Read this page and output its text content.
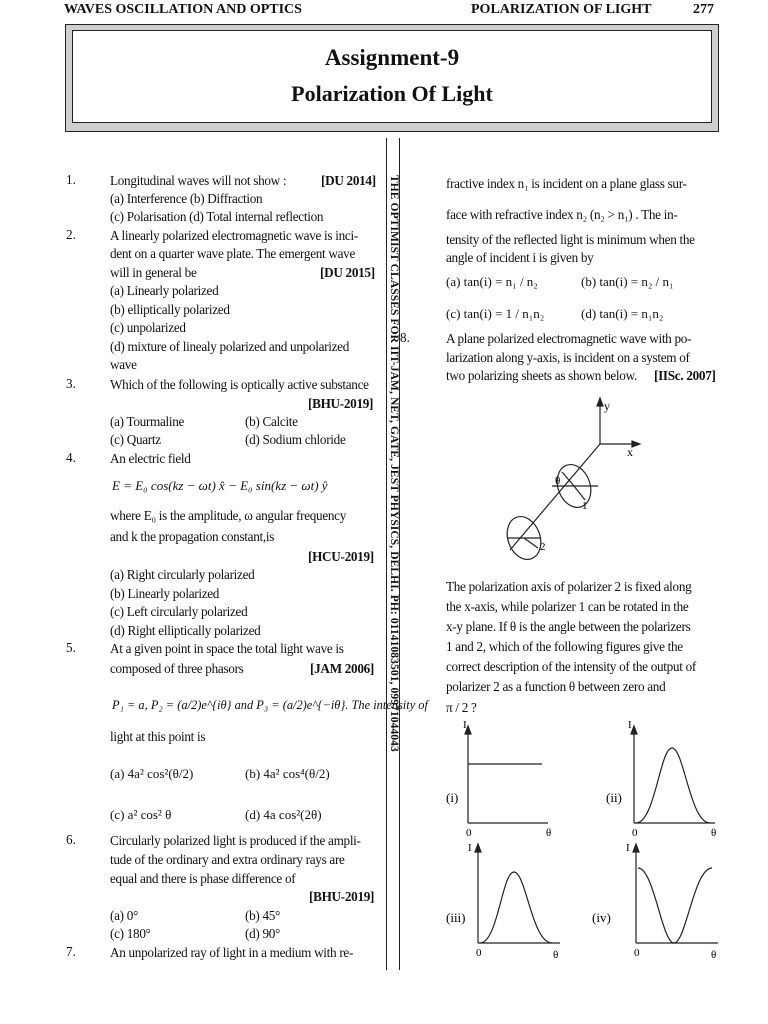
WAVES OSCILLATION AND OPTICS	POLARIZATION OF LIGHT	277
Assignment-9
Polarization Of Light
THE OPTIMIST CLASSES FOR IIT-JAM, NET, GATE, JEST PHYSICS, DELHI. PH: 01141083501, 09971044043
1.	Longitudinal waves will not show :	[DU 2014]
(a) Interference (b) Diffraction
(c) Polarisation (d) Total internal reflection
2.	A linearly polarized electromagnetic wave is inci-
dent on a quarter wave plate. The emergent wave
will in general be	[DU 2015]
(a) Linearly polarized
(b) elliptically polarized
(c) unpolarized
(d) mixture of linealy polarized and unpolarized
wave
3.	Which of the following is optically active substance
[BHU-2019]
(a) Tourmaline	(b) Calcite
(c) Quartz	(d) Sodium chloride
4.	An electric field
E = E₀ cos(kz − ωt) x̂ − E₀ sin(kz − ωt) ŷ
where E₀ is the amplitude, ω angular frequency
and k the propagation constant,is
[HCU-2019]
(a) Right circularly polarized
(b) Linearly polarized
(c) Left circularly polarized
(d) Right elliptically polarized
5.	At a given point in space the total light wave is
composed of three phasors	[JAM 2006]
P₁ = a, P₂ = (a/2)e^{iθ} and P₃ = (a/2)e^{−iθ}. The intensity of
light at this point is
(a) 4a² cos²(θ/2)	(b) 4a² cos⁴(θ/2)
(c) a² cos² θ	(d) 4a cos²(2θ)
6.	Circularly polarized light is produced if the ampli-
tude of the ordinary and extra ordinary rays are
equal and there is phase difference of
[BHU-2019]
(a) 0°	(b) 45°
(c) 180°	(d) 90°
7.	An unpolarized ray of light in a medium with re-
fractive index n₁ is incident on a plane glass sur-
face with refractive index n₂ (n₂ > n₁) . The in-
tensity of the reflected light is minimum when the
angle of incident i is given by
(a) tan(i) = n₁ / n₂	(b) tan(i) = n₂ / n₁
(c) tan(i) = 1 / n₁n₂	(d) tan(i) = n₁n₂
8.	A plane polarized electromagnetic wave with po-
larization along y-axis, is incident on a system of
two polarizing sheets as shown below. [IISc. 2007]
y
x
θ
1
2
The polarization axis of polarizer 2 is fixed along
the x-axis, while polarizer 1 can be rotated in the
x-y plane. If θ is the angle between the polarizers
1 and 2, which of the following figures give the
correct description of the intensity of the output of
polarizer 2 as a function θ between zero and
π / 2 ?
I
(i)
0	θ
I
(ii)
0	θ
I
(iii)
0	θ
I
(iv)
0	θ
